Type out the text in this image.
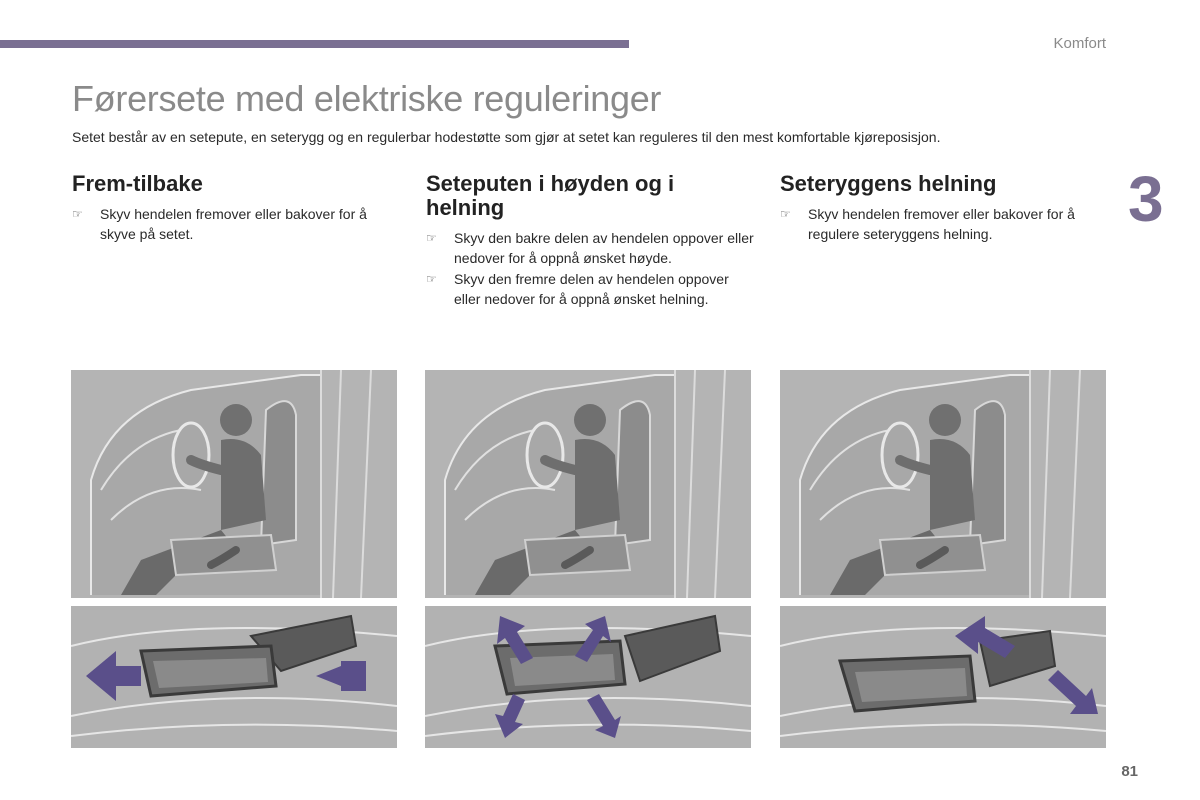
Komfort
Førersete med elektriske reguleringer
Setet består av en setepute, en seterygg og en regulerbar hodestøtte som gjør at setet kan reguleres til den mest komfortable kjøreposisjon.
3
Frem-tilbake
☞ Skyv hendelen fremover eller bakover for å skyve på setet.
Seteputen i høyden og i helning
☞ Skyv den bakre delen av hendelen oppover eller nedover for å oppnå ønsket høyde.
☞ Skyv den fremre delen av hendelen oppover eller nedover for å oppnå ønsket helning.
Seteryggens helning
☞ Skyv hendelen fremover eller bakover for å regulere seteryggens helning.
81
